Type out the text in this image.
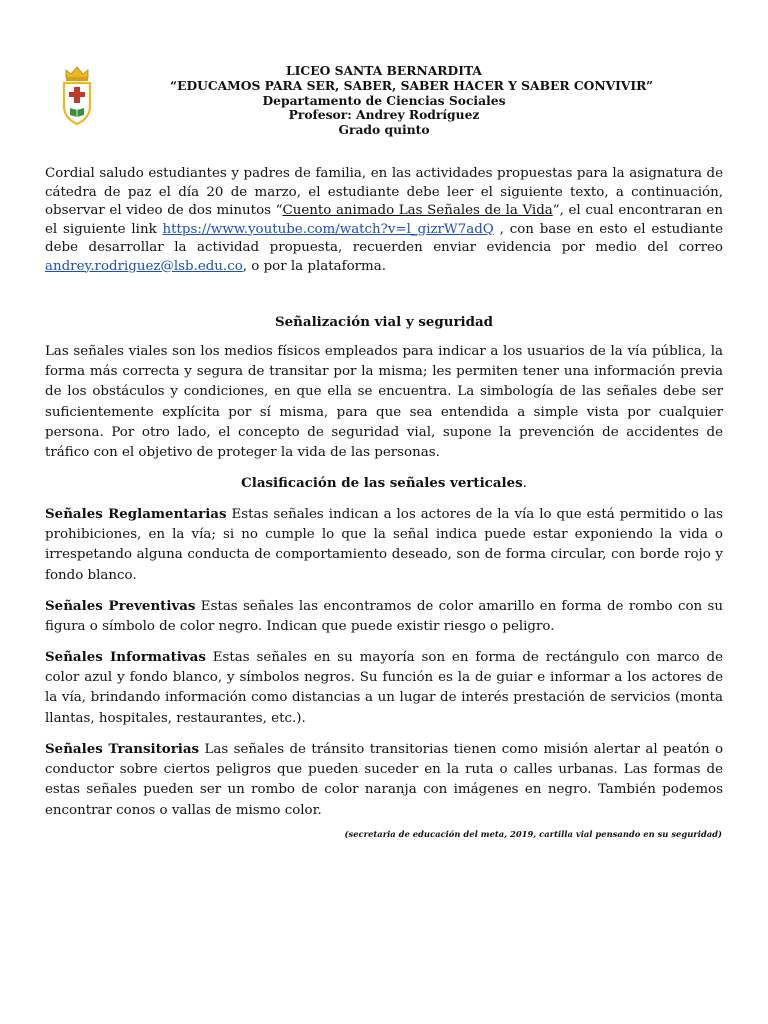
LICEO SANTA BERNARDITA
“EDUCAMOS PARA SER, SABER, SABER HACER Y SABER CONVIVIR”
Departamento de Ciencias Sociales
Profesor: Andrey Rodríguez
Grado quinto
Cordial saludo estudiantes y padres de familia, en las actividades propuestas para la asignatura de cátedra de paz el día 20 de marzo, el estudiante debe leer el siguiente texto, a continuación, observar el video de dos minutos “Cuento animado Las Señales de la Vida”, el cual encontraran en el siguiente link https://www.youtube.com/watch?v=l_gizrW7adQ , con base en esto el estudiante debe desarrollar la actividad propuesta, recuerden enviar evidencia por medio del correo andrey.rodriguez@lsb.edu.co, o por la plataforma.
Señalización vial y seguridad
Las señales viales son los medios físicos empleados para indicar a los usuarios de la vía pública, la forma más correcta y segura de transitar por la misma; les permiten tener una información previa de los obstáculos y condiciones, en que ella se encuentra. La simbología de las señales debe ser suficientemente explícita por sí misma, para que sea entendida a simple vista por cualquier persona. Por otro lado, el concepto de seguridad vial, supone la prevención de accidentes de tráfico con el objetivo de proteger la vida de las personas.
Clasificación de las señales verticales.
Señales Reglamentarias Estas señales indican a los actores de la vía lo que está permitido o las prohibiciones, en la vía; si no cumple lo que la señal indica puede estar exponiendo la vida o irrespetando alguna conducta de comportamiento deseado, son de forma circular, con borde rojo y fondo blanco.
Señales Preventivas Estas señales las encontramos de color amarillo en forma de rombo con su figura o símbolo de color negro. Indican que puede existir riesgo o peligro.
Señales Informativas Estas señales en su mayoría son en forma de rectángulo con marco de color azul y fondo blanco, y símbolos negros. Su función es la de guiar e informar a los actores de la vía, brindando información como distancias a un lugar de interés prestación de servicios (monta llantas, hospitales, restaurantes, etc.).
Señales Transitorias Las señales de tránsito transitorias tienen como misión alertar al peatón o conductor sobre ciertos peligros que pueden suceder en la ruta o calles urbanas. Las formas de estas señales pueden ser un rombo de color naranja con imágenes en negro. También podemos encontrar conos o vallas de mismo color.
(secretaria de educación del meta, 2019, cartilla vial pensando en su seguridad)
